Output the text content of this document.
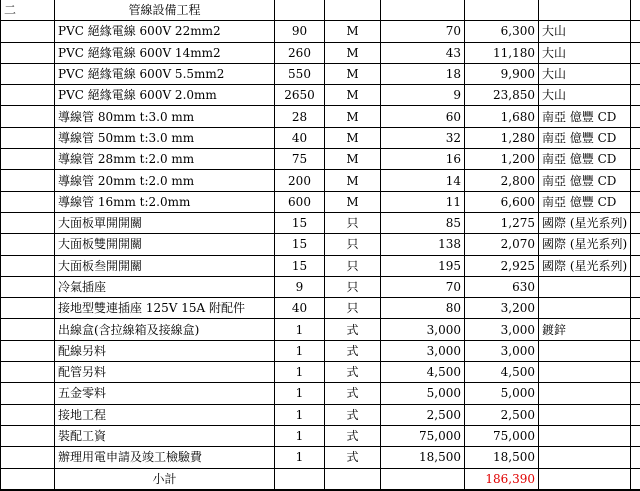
二	管線設備工程						
	PVC 絕緣電線 600V 22mm2	90	M	70	6,300	大山	
	PVC 絕緣電線 600V 14mm2	260	M	43	11,180	大山	
	PVC 絕緣電線 600V 5.5mm2	550	M	18	9,900	大山	
	PVC 絕緣電線 600V 2.0mm	2650	M	9	23,850	大山	
	導線管 80mm t:3.0 mm	28	M	60	1,680	南亞 億豐 CD	
	導線管 50mm t:3.0 mm	40	M	32	1,280	南亞 億豐 CD	
	導線管 28mm t:2.0 mm	75	M	16	1,200	南亞 億豐 CD	
	導線管 20mm t:2.0 mm	200	M	14	2,800	南亞 億豐 CD	
	導線管 16mm t:2.0mm	600	M	11	6,600	南亞 億豐 CD	
	大面板單開開關	15	只	85	1,275	國際 (星光系列)	
	大面板雙開開關	15	只	138	2,070	國際 (星光系列)	
	大面板叁開開關	15	只	195	2,925	國際 (星光系列)	
	冷氣插座	9	只	70	630		
	接地型雙連插座 125V 15A 附配件	40	只	80	3,200		
	出線盒(含拉線箱及接線盒)	1	式	3,000	3,000	鍍鋅	
	配線另料	1	式	3,000	3,000		
	配管另料	1	式	4,500	4,500		
	五金零料	1	式	5,000	5,000		
	接地工程	1	式	2,500	2,500		
	裝配工資	1	式	75,000	75,000		
	辦理用電申請及竣工檢驗費	1	式	18,500	18,500		
	小計				186,390		
